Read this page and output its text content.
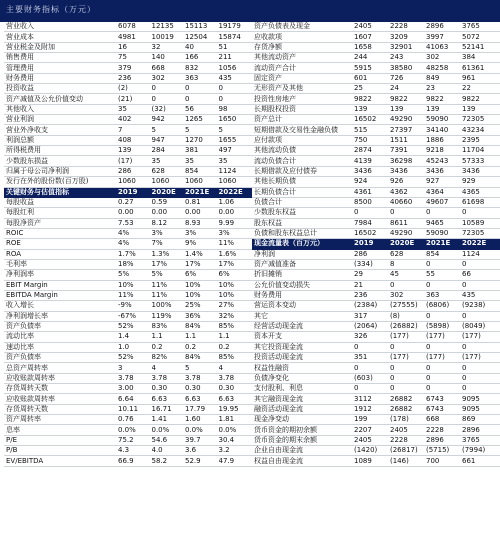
主要财务指标（万元）
营业收入	6078	12135	15113	19179
营业成本	4981	10019	12504	15874
营业税金及附加	16	32	40	51
销售费用	75	140	166	211
管理费用	379	668	832	1056
财务费用	236	302	363	435
投资收益	(2)	0	0	0
资产减值及公允价值变动	(21)	0	0	0
其他收入	35	(32)	56	98
营业利润	402	942	1265	1650
营业外净收支	7	5	5	5
利润总额	408	947	1270	1655
所得税费用	139	284	381	497
少数股东损益	(17)	35	35	35
归属于母公司净利润	286	628	854	1124
发行在外的股份数(百万股)	1060	1060	1060	1060
关键财务与估值指标	2019	2020E	2021E	2022E
每股收益	0.27	0.59	0.81	1.06
每股红利	0.00	0.00	0.00	0.00
每股净资产	7.53	8.12	8.93	9.99
ROIC	4%	3%	3%	3%
ROE	4%	7%	9%	11%
ROA	1.7%	1.3%	1.4%	1.6%
毛利率	18%	17%	17%	17%
净利润率	5%	5%	6%	6%
EBIT Margin	10%	11%	10%	10%
EBITDA Margin	11%	11%	10%	10%
收入增长	-9%	100%	25%	27%
净利润增长率	-67%	119%	36%	32%
资产负债率	52%	83%	84%	85%
流动比率	1.4	1.1	1.1	1.1
速动比率	1.0	0.2	0.2	0.2
资产负债率	52%	82%	84%	85%
总资产周转率	3	4	5	4
应收账款周转率	3.78	3.78	3.78	3.78
存货周转天数	3.00	0.30	0.30	0.30
应收账款周转率	6.64	6.63	6.63	6.63
存货周转天数	10.11	16.71	17.79	19.95
资产周转率	0.76	1.41	1.60	1.81
息率	0.0%	0.0%	0.0%	0.0%
P/E	75.2	54.6	39.7	30.4
P/B	4.3	4.0	3.6	3.2
EV/EBITDA	66.9	58.2	52.9	47.9
资产负债表及现金	2405	2228	2896	3765
应收款项	1607	3209	3997	5072
存货净额	1658	32901	41063	52141
其他流动资产	244	243	302	384
流动资产合计	5915	38580	48258	61361
固定资产	601	726	849	961
无形资产及其他	25	24	23	22
投资性房地产	9822	9822	9822	9822
长期股权投资	139	139	139	139
资产总计	16502	49290	59090	72305
短期借款及交易性金融负债	515	27397	34140	43234
应付款项	750	1511	1886	2395
其他流动负债	2874	7391	9218	11704
流动负债合计	4139	36298	45243	57333
长期借款及应付债券	3436	3436	3436	3436
其他长期负债	924	926	927	929
长期负债合计	4361	4362	4364	4365
负债合计	8500	40660	49607	61698
少数股东权益	0	0	0	0
股东权益	7984	8611	9465	10589
负债和股东权益总计	16502	49290	59090	72305
现金流量表（百万元）	2019	2020E	2021E	2022E
净利润	286	628	854	1124
资产减值准备	(334)	8	0	0
折旧摊销	29	45	55	66
公允价值变动损失	21	0	0	0
财务费用	236	302	363	435
营运资本变动	(2384)	(27555)	(6806)	(9238)
其它	317	(8)	0	0
经营活动现金流	(2064)	(26882)	(5898)	(8049)
资本开支	326	(177)	(177)	(177)
其它投资现金流	0	0	0	0
投资活动现金流	351	(177)	(177)	(177)
权益性融资	0	0	0	0
负债净变化	(603)	0	0	0
支付股利、利息	0	0	0	0
其它融资现金流	3112	26882	6743	9095
融资活动现金流	1912	26882	6743	9095
现金净变动	199	(178)	668	869
货币资金的期初余额	2207	2405	2228	2896
货币资金的期末余额	2405	2228	2896	3765
企业自由现金流	(1420)	(26817)	(5715)	(7994)
权益自由现金流	1089	(146)	700	661
